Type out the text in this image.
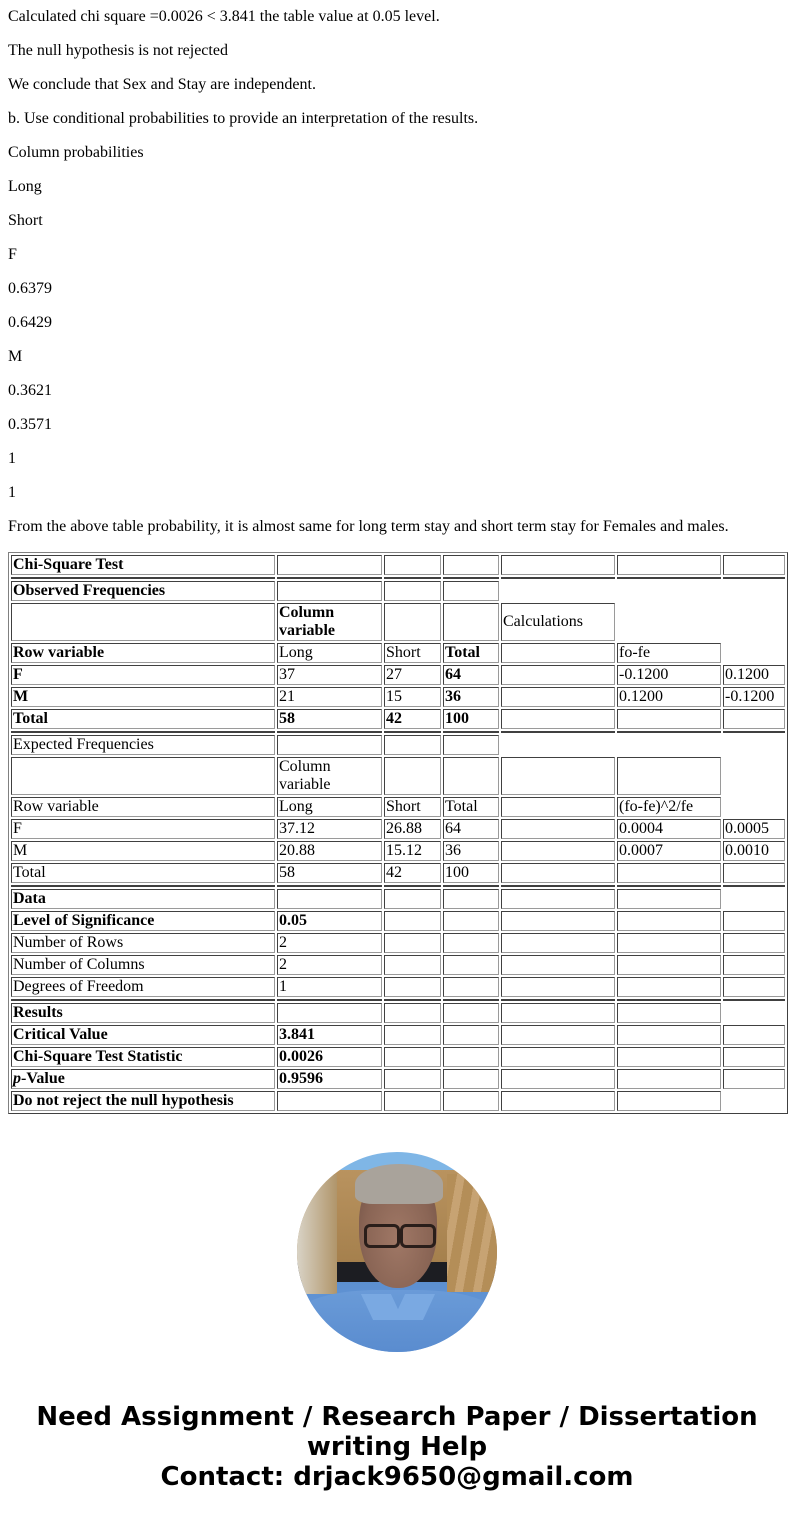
Calculated chi square =0.0026 < 3.841 the table value at 0.05 level.

The null hypothesis is not rejected

We conclude that Sex and Stay are independent.

b. Use conditional probabilities to provide an interpretation of the results.

Column probabilities

Long

Short

F

0.6379

0.6429

M

0.3621

0.3571

1

1

From the above table probability, it is almost same for long term stay and short term stay for Females and males.

Chi-Square Test						

Observed Frequencies						
	Column variable			Calculations		
Row variable	Long	Short	Total		fo-fe	
F	37	27	64		-0.1200	0.1200
M	21	15	36		0.1200	-0.1200
Total	58	42	100			

Expected Frequencies						
	Column variable					
Row variable	Long	Short	Total		(fo-fe)^2/fe	
F	37.12	26.88	64		0.0004	0.0005
M	20.88	15.12	36		0.0007	0.0010
Total	58	42	100			

Data						
Level of Significance	0.05					
Number of Rows	2					
Number of Columns	2					
Degrees of Freedom	1					

Results						
Critical Value	3.841					
Chi-Square Test Statistic	0.0026					
p-Value	0.9596					
Do not reject the null hypothesis						
Need Assignment / Research Paper / Dissertation
writing Help
Contact: drjack9650@gmail.com
